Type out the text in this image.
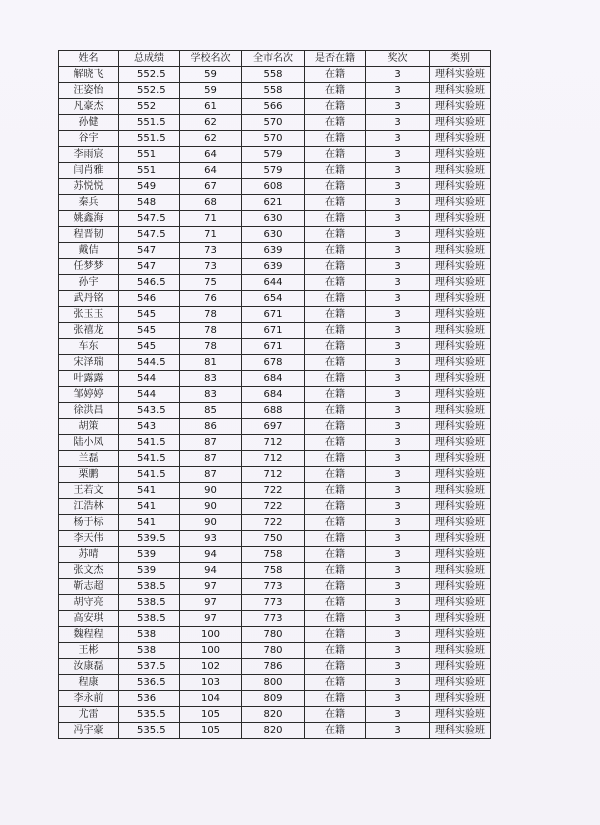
姓名	总成绩	学校名次	全市名次	是否在籍	奖次	类别
解晓飞	552.5	59	558	在籍	3	理科实验班
汪姿怡	552.5	59	558	在籍	3	理科实验班
凡豪杰	552	61	566	在籍	3	理科实验班
孙健	551.5	62	570	在籍	3	理科实验班
谷宇	551.5	62	570	在籍	3	理科实验班
李雨宸	551	64	579	在籍	3	理科实验班
闫肖雅	551	64	579	在籍	3	理科实验班
苏悦悦	549	67	608	在籍	3	理科实验班
秦兵	548	68	621	在籍	3	理科实验班
姚鑫海	547.5	71	630	在籍	3	理科实验班
程晋韧	547.5	71	630	在籍	3	理科实验班
戴佶	547	73	639	在籍	3	理科实验班
任梦梦	547	73	639	在籍	3	理科实验班
孙宇	546.5	75	644	在籍	3	理科实验班
武丹铭	546	76	654	在籍	3	理科实验班
张玉玉	545	78	671	在籍	3	理科实验班
张禧龙	545	78	671	在籍	3	理科实验班
车东	545	78	671	在籍	3	理科实验班
宋泽瑞	544.5	81	678	在籍	3	理科实验班
叶露露	544	83	684	在籍	3	理科实验班
邹婷婷	544	83	684	在籍	3	理科实验班
徐洪昌	543.5	85	688	在籍	3	理科实验班
胡策	543	86	697	在籍	3	理科实验班
陆小凤	541.5	87	712	在籍	3	理科实验班
兰磊	541.5	87	712	在籍	3	理科实验班
栗鹏	541.5	87	712	在籍	3	理科实验班
王若文	541	90	722	在籍	3	理科实验班
江浩林	541	90	722	在籍	3	理科实验班
杨于标	541	90	722	在籍	3	理科实验班
李天伟	539.5	93	750	在籍	3	理科实验班
苏晴	539	94	758	在籍	3	理科实验班
张文杰	539	94	758	在籍	3	理科实验班
靳志超	538.5	97	773	在籍	3	理科实验班
胡守亮	538.5	97	773	在籍	3	理科实验班
高安琪	538.5	97	773	在籍	3	理科实验班
魏程程	538	100	780	在籍	3	理科实验班
王彬	538	100	780	在籍	3	理科实验班
汝康磊	537.5	102	786	在籍	3	理科实验班
程康	536.5	103	800	在籍	3	理科实验班
李永前	536	104	809	在籍	3	理科实验班
尤雷	535.5	105	820	在籍	3	理科实验班
冯宇豪	535.5	105	820	在籍	3	理科实验班
